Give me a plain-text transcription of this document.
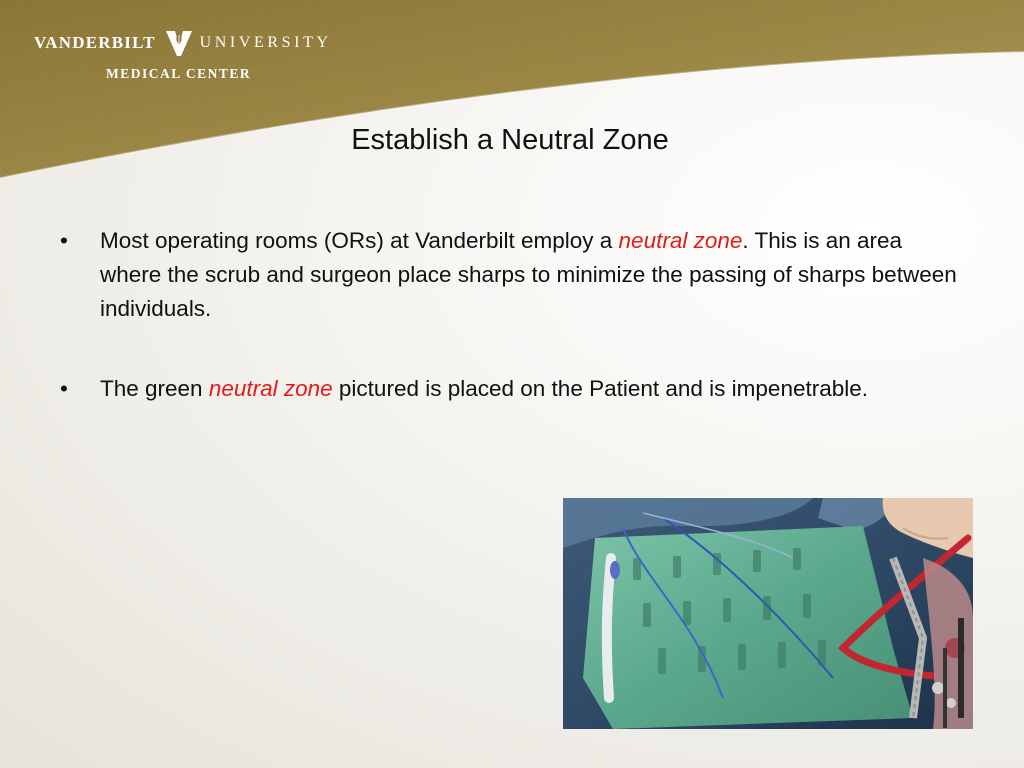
VANDERBILT	UNIVERSITY
MEDICAL CENTER
Establish a Neutral Zone
• Most operating rooms (ORs) at Vanderbilt employ a neutral zone. This is an area where the scrub and surgeon place sharps to minimize the passing of sharps between individuals.
• The green neutral zone pictured is placed on the Patient and is impenetrable.
